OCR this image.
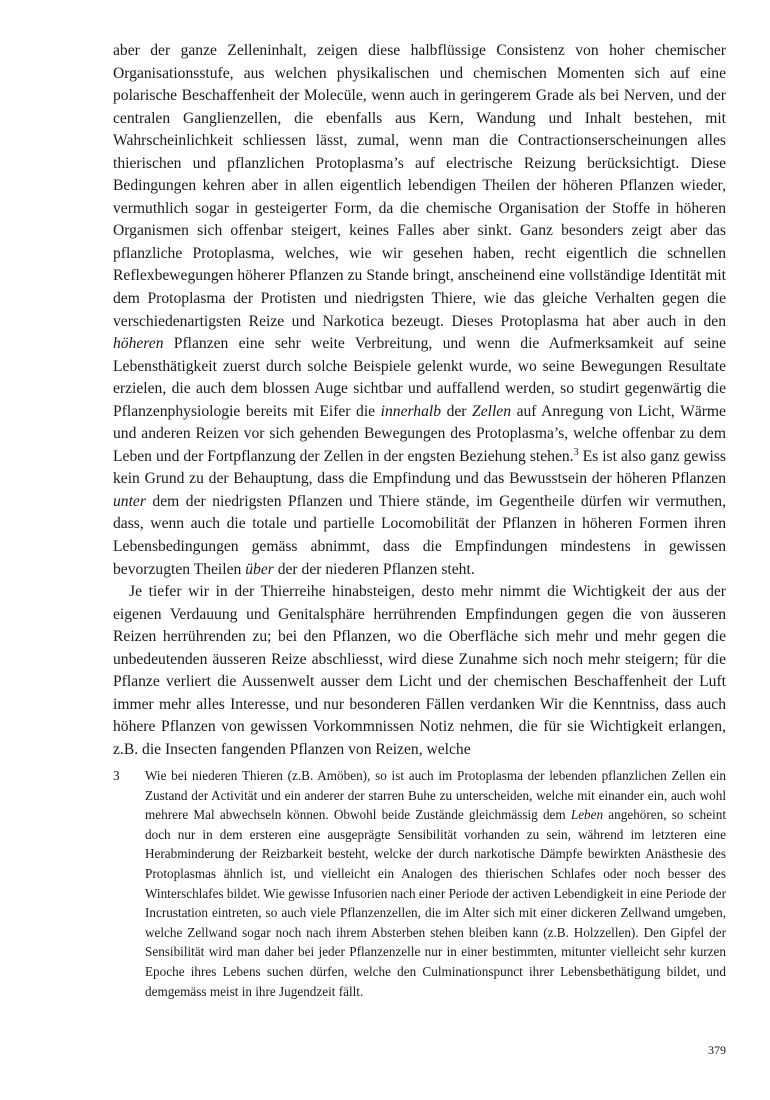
aber der ganze Zelleninhalt, zeigen diese halbflüssige Consistenz von hoher chemischer Organisationsstufe, aus welchen physikalischen und chemischen Momenten sich auf eine polarische Beschaffenheit der Molecüle, wenn auch in geringerem Grade als bei Nerven, und der centralen Ganglienzellen, die ebenfalls aus Kern, Wandung und Inhalt bestehen, mit Wahrscheinlichkeit schliessen lässt, zumal, wenn man die Contractionserscheinungen alles thierischen und pflanzlichen Protoplasma’s auf electrische Reizung berücksichtigt. Diese Bedingungen kehren aber in allen eigentlich lebendigen Theilen der höheren Pflanzen wieder, vermuthlich sogar in gesteigerter Form, da die chemische Organisation der Stoffe in höheren Organismen sich offenbar steigert, keines Falles aber sinkt. Ganz besonders zeigt aber das pflanzliche Protoplasma, welches, wie wir gesehen haben, recht eigentlich die schnellen Reflexbewegungen höherer Pflanzen zu Stande bringt, anscheinend eine vollständige Identität mit dem Protoplasma der Protisten und niedrigsten Thiere, wie das gleiche Verhalten gegen die verschiedenartigsten Reize und Narkotica bezeugt. Dieses Protoplasma hat aber auch in den höheren Pflanzen eine sehr weite Verbreitung, und wenn die Aufmerksamkeit auf seine Lebensthätigkeit zuerst durch solche Beispiele gelenkt wurde, wo seine Bewegungen Resultate erzielen, die auch dem blossen Auge sichtbar und auffallend werden, so studirt gegenwärtig die Pflanzenphysiologie bereits mit Eifer die innerhalb der Zellen auf Anregung von Licht, Wärme und anderen Reizen vor sich gehenden Bewegungen des Protoplasma’s, welche offenbar zu dem Leben und der Fortpflanzung der Zellen in der engsten Beziehung stehen.$^3$ Es ist also ganz gewiss kein Grund zu der Behauptung, dass die Empfindung und das Bewusstsein der höheren Pflanzen unter dem der niedrigsten Pflanzen und Thiere stände, im Gegentheile dürfen wir vermuthen, dass, wenn auch die totale und partielle Locomobilität der Pflanzen in höheren Formen ihren Lebensbedingungen gemäss abnimmt, dass die Empfindungen mindestens in gewissen bevorzugten Theilen über der der niederen Pflanzen steht.

Je tiefer wir in der Thierreihe hinabsteigen, desto mehr nimmt die Wichtigkeit der aus der eigenen Verdauung und Genitalsphäre herrührenden Empfindungen gegen die von äusseren Reizen herrührenden zu; bei den Pflanzen, wo die Oberfläche sich mehr und mehr gegen die unbedeutenden äusseren Reize abschliesst, wird diese Zunahme sich noch mehr steigern; für die Pflanze verliert die Aussenwelt ausser dem Licht und der chemischen Beschaffenheit der Luft immer mehr alles Interesse, und nur besonderen Fällen verdanken Wir die Kenntniss, dass auch höhere Pflanzen von gewissen Vorkommnissen Notiz nehmen, die für sie Wichtigkeit erlangen, z.B. die Insecten fangenden Pflanzen von Reizen, welche

3 Wie bei niederen Thieren (z.B. Amöben), so ist auch im Protoplasma der lebenden pflanzlichen Zellen ein Zustand der Activität und ein anderer der starren Buhe zu unterscheiden, welche mit einander ein, auch wohl mehrere Mal abwechseln können. Obwohl beide Zustände gleichmässig dem Leben angehören, so scheint doch nur in dem ersteren eine ausgeprägte Sensibilität vorhanden zu sein, während im letzteren eine Herabminderung der Reizbarkeit besteht, welcke der durch narkotische Dämpfe bewirkten Anästhesie des Protoplasmas ähnlich ist, und vielleicht ein Analogen des thierischen Schlafes oder noch besser des Winterschlafes bildet. Wie gewisse Infusorien nach einer Periode der activen Lebendigkeit in eine Periode der Incrustation eintreten, so auch viele Pflanzenzellen, die im Alter sich mit einer dickeren Zellwand umgeben, welche Zellwand sogar noch nach ihrem Absterben stehen bleiben kann (z.B. Holzzellen). Den Gipfel der Sensibilität wird man daher bei jeder Pflanzenzelle nur in einer bestimmten, mitunter vielleicht sehr kurzen Epoche ihres Lebens suchen dürfen, welche den Culminationspunct ihrer Lebensbethätigung bildet, und demgemäss meist in ihre Jugendzeit fällt.
379
